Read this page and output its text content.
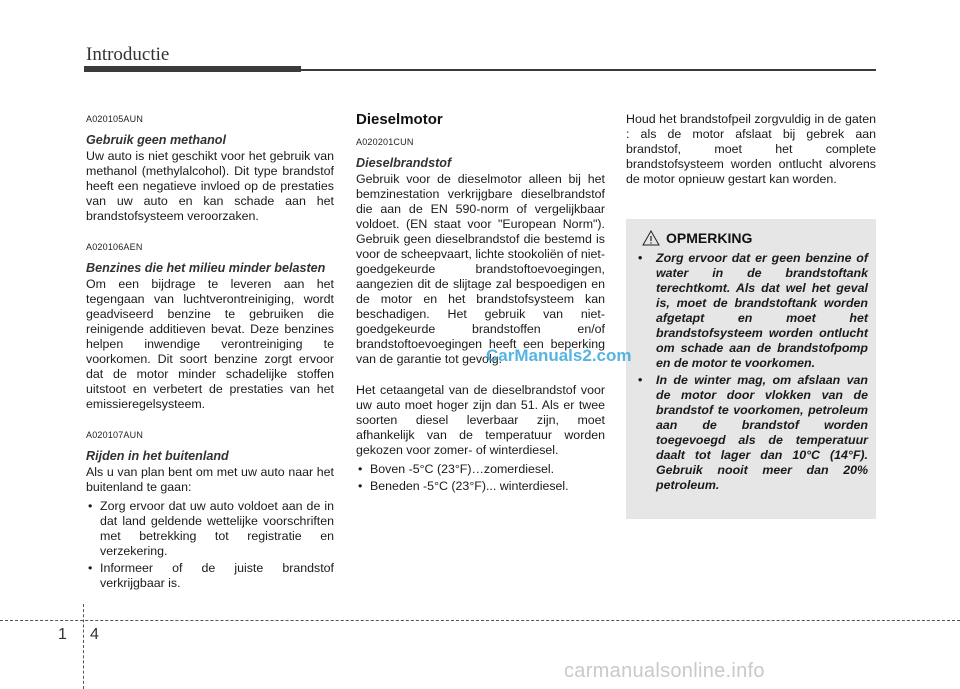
Introductie

A020105AUN

Gebruik geen methanol

Uw auto is niet geschikt voor het gebruik van methanol (methylalcohol). Dit type brandstof heeft een negatieve invloed op de prestaties van uw auto en kan schade aan het brandstofsysteem veroorzaken.

A020106AEN

Benzines die het milieu minder belasten

Om een bijdrage te leveren aan het tegengaan van luchtverontreiniging, wordt geadviseerd benzine te gebruiken die reinigende additieven bevat. Deze benzines helpen inwendige verontreiniging te voorkomen. Dit soort benzine zorgt ervoor dat de motor minder schadelijke stoffen uitstoot en verbetert de prestaties van het emissieregelsysteem.

A020107AUN

Rijden in het buitenland

Als u van plan bent om met uw auto naar het buitenland te gaan:

• Zorg ervoor dat uw auto voldoet aan de in dat land geldende wettelijke voorschriften met betrekking tot registratie en verzekering.
• Informeer of de juiste brandstof verkrijgbaar is.

Dieselmotor

A020201CUN

Dieselbrandstof

Gebruik voor de dieselmotor alleen bij het bemzinestation verkrijgbare dieselbrandstof die aan de EN 590-norm of vergelijkbaar voldoet. (EN staat voor "European Norm"). Gebruik geen dieselbrandstof die bestemd is voor de scheepvaart, lichte stookoliën of niet-goedgekeurde brandstoftoevoegingen, aangezien dit de slijtage zal bespoedigen en de motor en het brandstofsysteem kan beschadigen. Het gebruik van niet-goedgekeurde brandstoffen en/of brandstoftoevoegingen heeft een beperking van de garantie tot gevolg.

Het cetaangetal van de dieselbrandstof voor uw auto moet hoger zijn dan 51. Als er twee soorten diesel leverbaar zijn, moet afhankelijk van de temperatuur worden gekozen voor zomer- of winterdiesel.

• Boven -5°C (23°F)…zomerdiesel.
• Beneden -5°C (23°F)... winterdiesel.

Houd het brandstofpeil zorgvuldig in de gaten : als de motor afslaat bij gebrek aan brandstof, moet het complete brandstofsysteem worden ontlucht alvorens de motor opnieuw gestart kan worden.

OPMERKING
• Zorg ervoor dat er geen benzine of water in de brandstoftank terechtkomt. Als dat wel het geval is, moet de brandstoftank worden afgetapt en moet het brandstofsysteem worden ontlucht om schade aan de brandstofpomp en de motor te voorkomen.
• In de winter mag, om afslaan van de motor door vlokken van de brandstof te voorkomen, petroleum aan de brandstof worden toegevoegd als de temperatuur daalt tot lager dan 10°C (14°F). Gebruik nooit meer dan 20% petroleum.
CarManuals2.com
1 4
carmanualsonline.info
